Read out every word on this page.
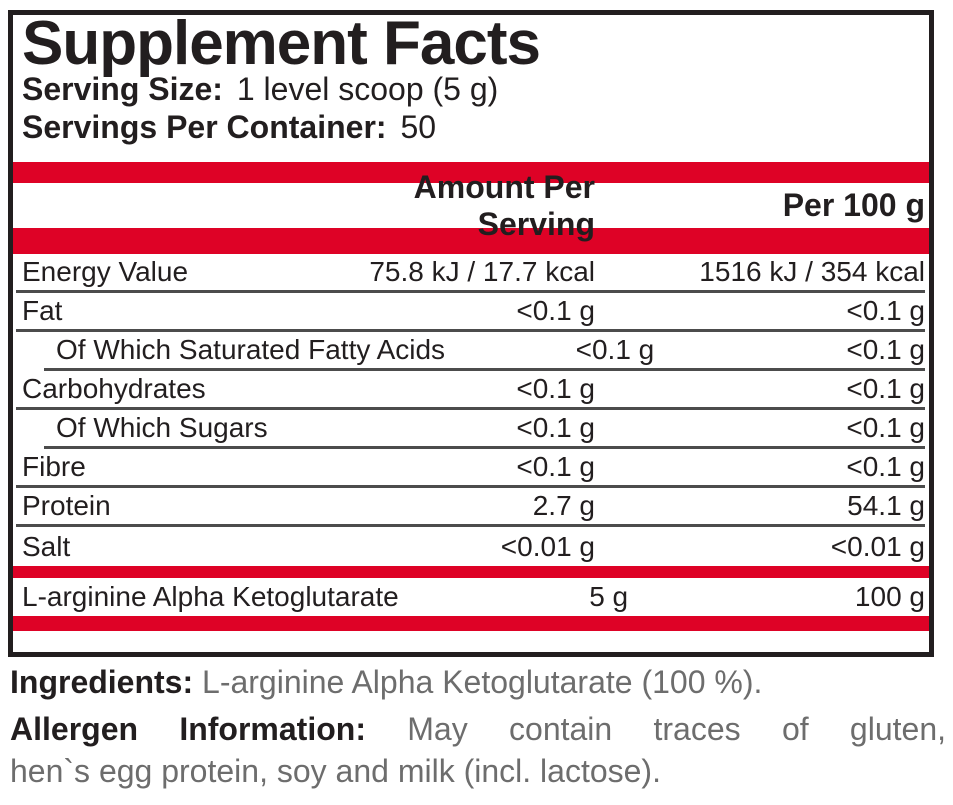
Supplement Facts
Serving Size: 1 level scoop (5 g)
Servings Per Container: 50
Amount Per Serving
Per 100 g
Energy Value	75.8 kJ / 17.7 kcal	1516 kJ / 354 kcal
Fat	<0.1 g	<0.1 g
Of Which Saturated Fatty Acids	<0.1 g	<0.1 g
Carbohydrates	<0.1 g	<0.1 g
Of Which Sugars	<0.1 g	<0.1 g
Fibre	<0.1 g	<0.1 g
Protein	2.7 g	54.1 g
Salt	<0.01 g	<0.01 g
L-arginine Alpha Ketoglutarate	5 g	100 g

Ingredients: L-arginine Alpha Ketoglutarate (100 %).

Allergen Information: May contain traces of gluten,

hen`s egg protein, soy and milk (incl. lactose).
